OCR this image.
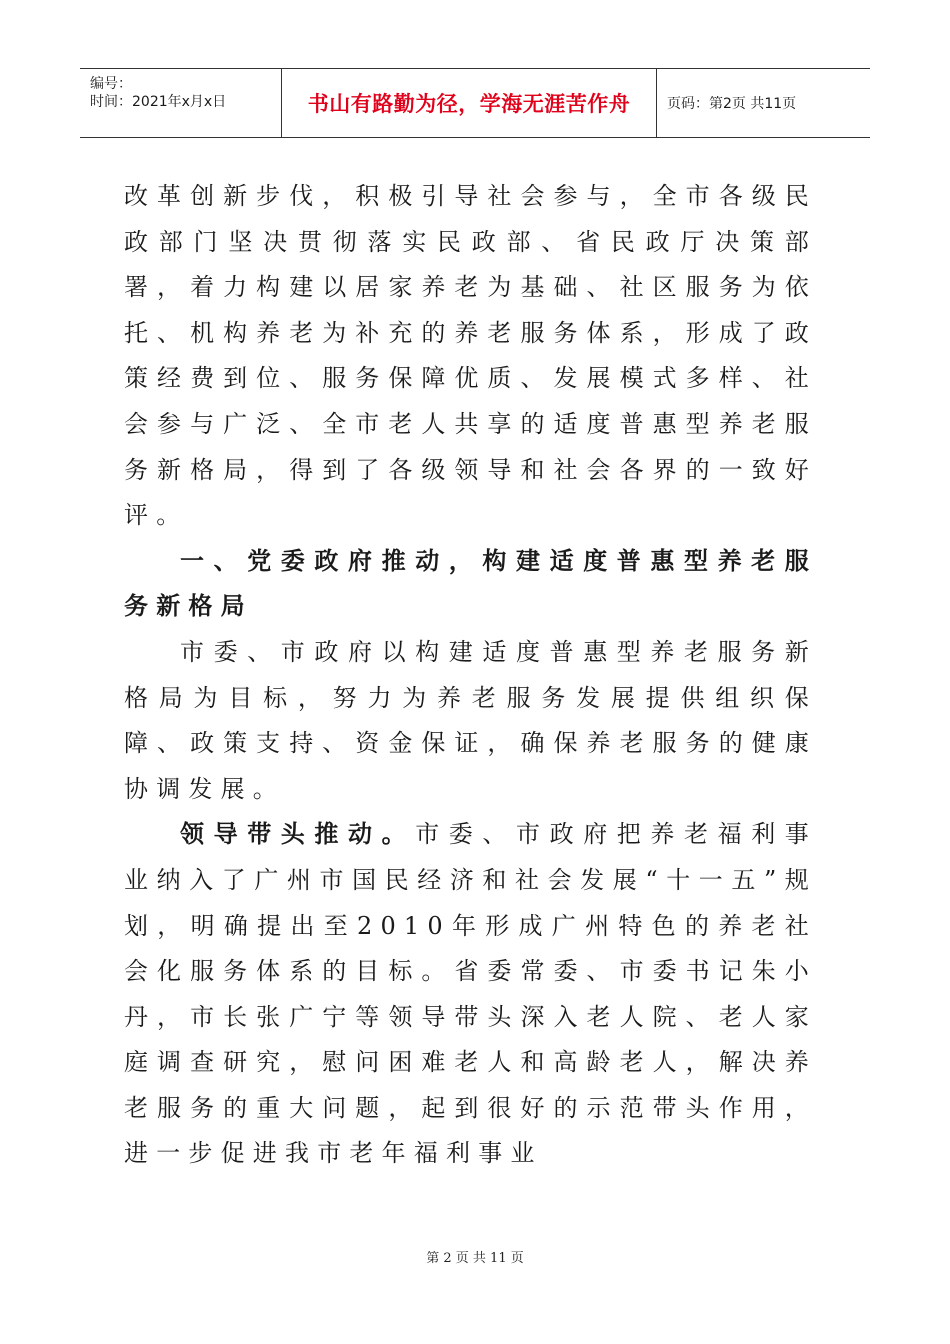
编号：
时间：2021年x月x日	书山有路勤为径，学海无涯苦作舟	页码：第2页 共11页

改革创新步伐，积极引导社会参与，全市各级民政部门坚决贯彻落实民政部、省民政厅决策部署，着力构建以居家养老为基础、社区服务为依托、机构养老为补充的养老服务体系，形成了政策经费到位、服务保障优质、发展模式多样、社会参与广泛、全市老人共享的适度普惠型养老服务新格局，得到了各级领导和社会各界的一致好评。

一、党委政府推动，构建适度普惠型养老服务新格局

市委、市政府以构建适度普惠型养老服务新格局为目标，努力为养老服务发展提供组织保障、政策支持、资金保证，确保养老服务的健康协调发展。

领导带头推动。市委、市政府把养老福利事业纳入了广州市国民经济和社会发展“十一五”规划，明确提出至2010年形成广州特色的养老社会化服务体系的目标。省委常委、市委书记朱小丹，市长张广宁等领导带头深入老人院、老人家庭调查研究，慰问困难老人和高龄老人，解决养老服务的重大问题，起到很好的示范带头作用，进一步促进我市老年福利事业

第 2 页 共 11 页
